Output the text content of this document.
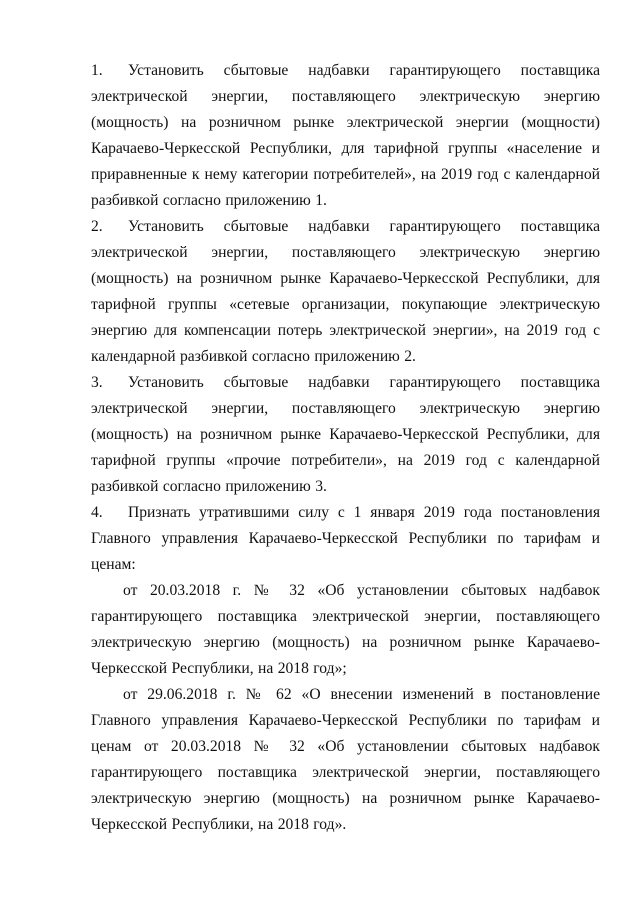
1. Установить сбытовые надбавки гарантирующего поставщика электрической энергии, поставляющего электрическую энергию (мощность) на розничном рынке электрической энергии (мощности) Карачаево-Черкесской Республики, для тарифной группы «население и приравненные к нему категории потребителей», на 2019 год с календарной разбивкой согласно приложению 1.

2. Установить сбытовые надбавки гарантирующего поставщика электрической энергии, поставляющего электрическую энергию (мощность) на розничном рынке Карачаево-Черкесской Республики, для тарифной группы «сетевые организации, покупающие электрическую энергию для компенсации потерь электрической энергии», на 2019 год с календарной разбивкой согласно приложению 2.

3. Установить сбытовые надбавки гарантирующего поставщика электрической энергии, поставляющего электрическую энергию (мощность) на розничном рынке Карачаево-Черкесской Республики, для тарифной группы «прочие потребители», на 2019 год с календарной разбивкой согласно приложению 3.

4. Признать утратившими силу с 1 января 2019 года постановления Главного управления Карачаево-Черкесской Республики по тарифам и ценам:

от 20.03.2018 г. № 32 «Об установлении сбытовых надбавок гарантирующего поставщика электрической энергии, поставляющего электрическую энергию (мощность) на розничном рынке Карачаево-Черкесской Республики, на 2018 год»;

от 29.06.2018 г. № 62 «О внесении изменений в постановление Главного управления Карачаево-Черкесской Республики по тарифам и ценам от 20.03.2018 № 32 «Об установлении сбытовых надбавок гарантирующего поставщика электрической энергии, поставляющего электрическую энергию (мощность) на розничном рынке Карачаево-Черкесской Республики, на 2018 год».
